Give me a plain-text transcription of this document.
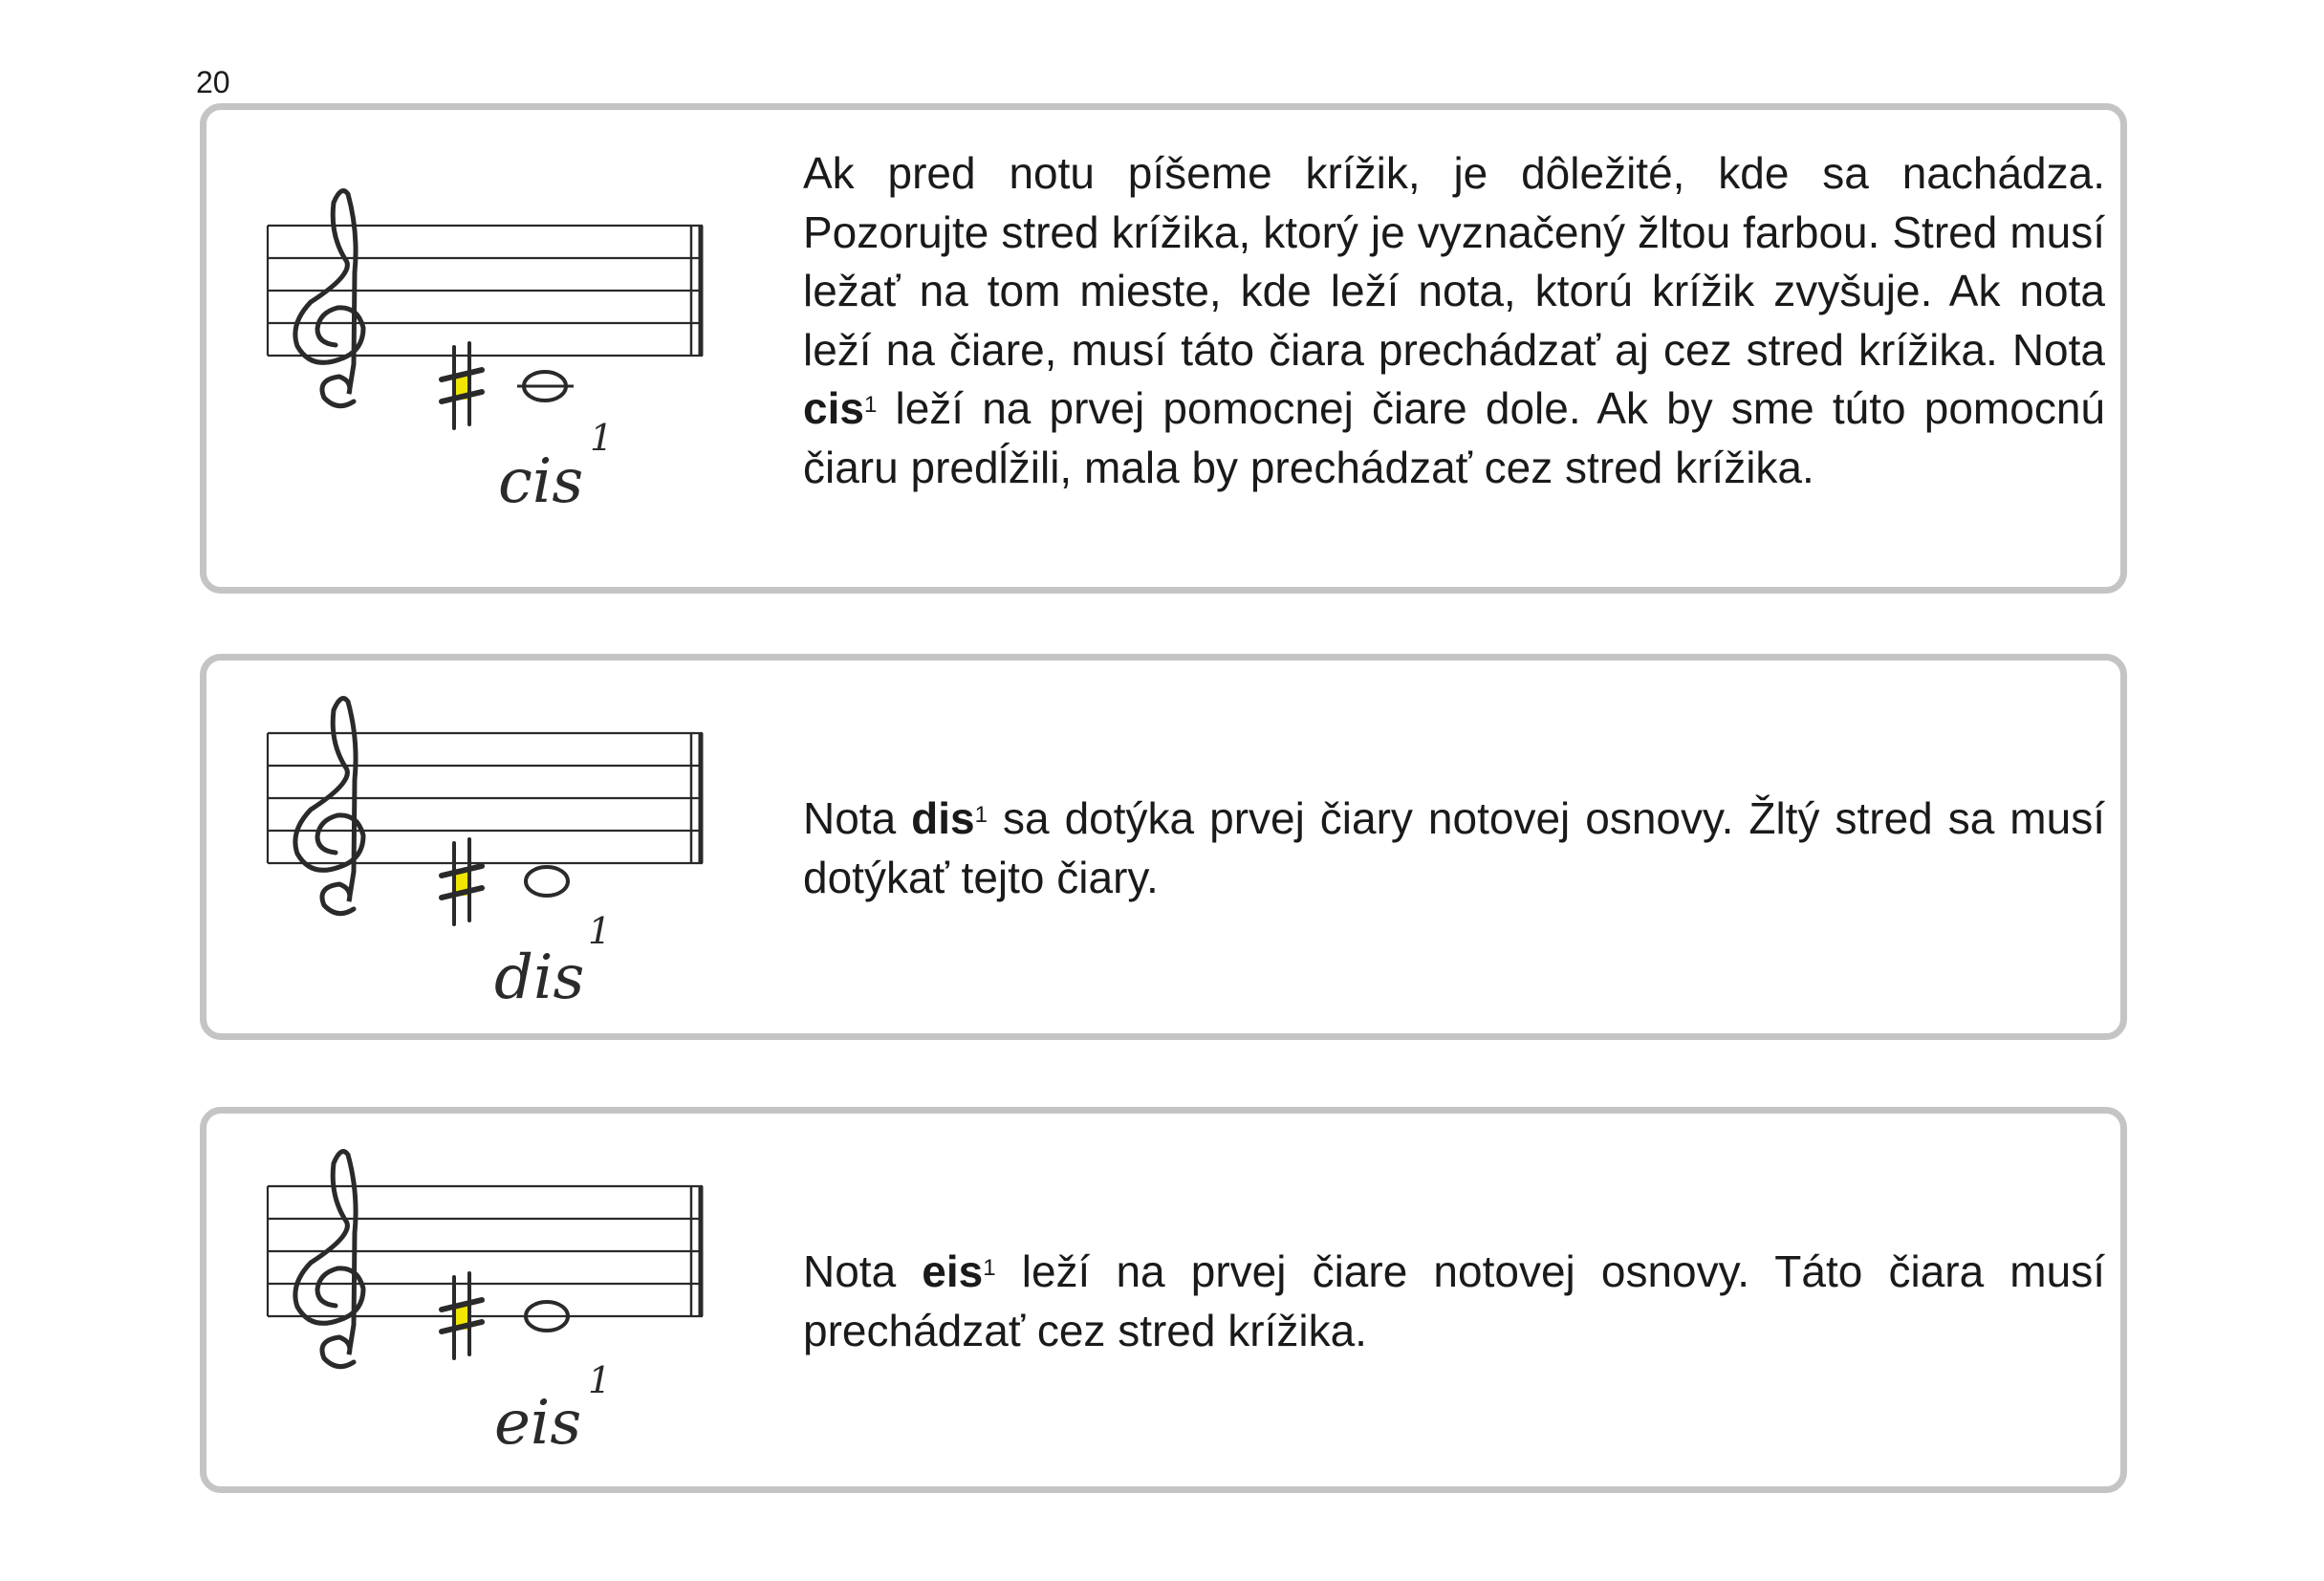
20
cis
1

Ak pred notu píšeme krížik, je dôležité, kde sa nachádza. Pozorujte stred krížika, ktorý je vyznačený žltou farbou. Stred musí ležať na tom mieste, kde leží nota, ktorú krížik zvyšuje. Ak nota leží na čiare, musí táto čiara prechádzať aj cez stred krížika. Nota cis$^1$ leží na prvej pomocnej čiare dole. Ak by sme túto pomocnú čiaru predĺžili, mala by prechádzať cez stred krížika.

dis
1

Nota dis$^1$ sa dotýka prvej čiary notovej osnovy. Žltý stred sa musí dotýkať tejto čiary.

eis
1

Nota eis$^1$ leží na prvej čiare notovej osnovy. Táto čiara musí prechádzať cez stred krížika.
